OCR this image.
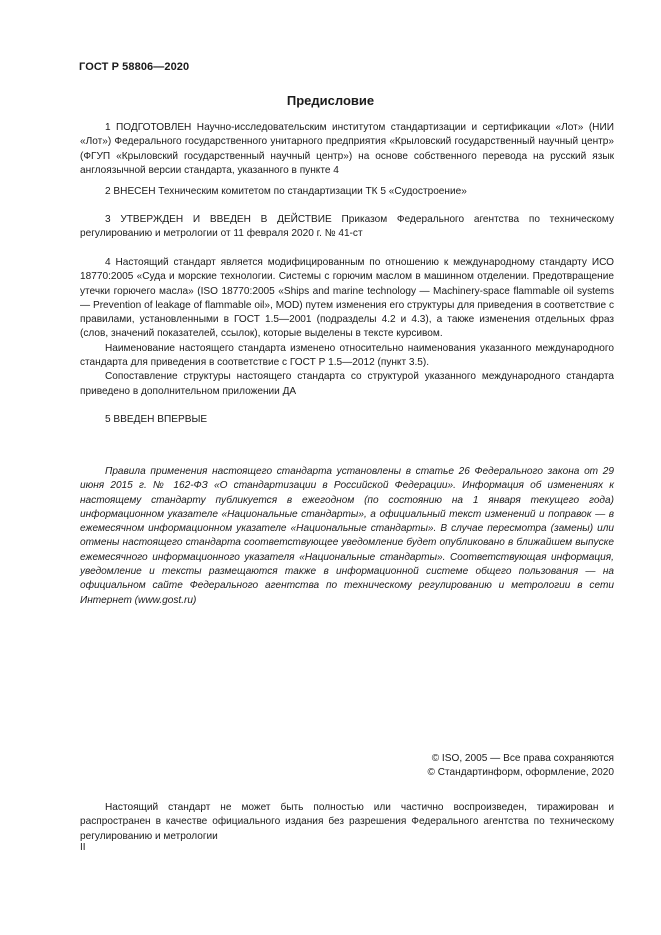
ГОСТ Р 58806—2020
Предисловие

1 ПОДГОТОВЛЕН Научно-исследовательским институтом стандартизации и сертификации «Лот» (НИИ «Лот») Федерального государственного унитарного предприятия «Крыловский государственный научный центр» (ФГУП «Крыловский государственный научный центр») на основе собственного перевода на русский язык англоязычной версии стандарта, указанного в пункте 4

2 ВНЕСЕН Техническим комитетом по стандартизации ТК 5 «Судостроение»

3 УТВЕРЖДЕН И ВВЕДЕН В ДЕЙСТВИЕ Приказом Федерального агентства по техническому регулированию и метрологии от 11 февраля 2020 г. № 41-ст

4 Настоящий стандарт является модифицированным по отношению к международному стандарту ИСО 18770:2005 «Суда и морские технологии. Системы с горючим маслом в машинном отделении. Предотвращение утечки горючего масла» (ISO 18770:2005 «Ships and marine technology — Machinery-space flammable oil systems — Prevention of leakage of flammable oil», MOD) путем изменения его структуры для приведения в соответствие с правилами, установленными в ГОСТ 1.5—2001 (подразделы 4.2 и 4.3), а также изменения отдельных фраз (слов, значений показателей, ссылок), которые выделены в тексте курсивом.

Наименование настоящего стандарта изменено относительно наименования указанного международного стандарта для приведения в соответствие с ГОСТ Р 1.5—2012 (пункт 3.5).

Сопоставление структуры настоящего стандарта со структурой указанного международного стандарта приведено в дополнительном приложении ДА

5 ВВЕДЕН ВПЕРВЫЕ

Правила применения настоящего стандарта установлены в статье 26 Федерального закона от 29 июня 2015 г. № 162-ФЗ «О стандартизации в Российской Федерации». Информация об изменениях к настоящему стандарту публикуется в ежегодном (по состоянию на 1 января текущего года) информационном указателе «Национальные стандарты», а официальный текст изменений и поправок — в ежемесячном информационном указателе «Национальные стандарты». В случае пересмотра (замены) или отмены настоящего стандарта соответствующее уведомление будет опубликовано в ближайшем выпуске ежемесячного информационного указателя «Национальные стандарты». Соответствующая информация, уведомление и тексты размещаются также в информационной системе общего пользования — на официальном сайте Федерального агентства по техническому регулированию и метрологии в сети Интернет (www.gost.ru)

© ISO, 2005 — Все права сохраняются
© Стандартинформ, оформление, 2020

Настоящий стандарт не может быть полностью или частично воспроизведен, тиражирован и распространен в качестве официального издания без разрешения Федерального агентства по техническому регулированию и метрологии

II
